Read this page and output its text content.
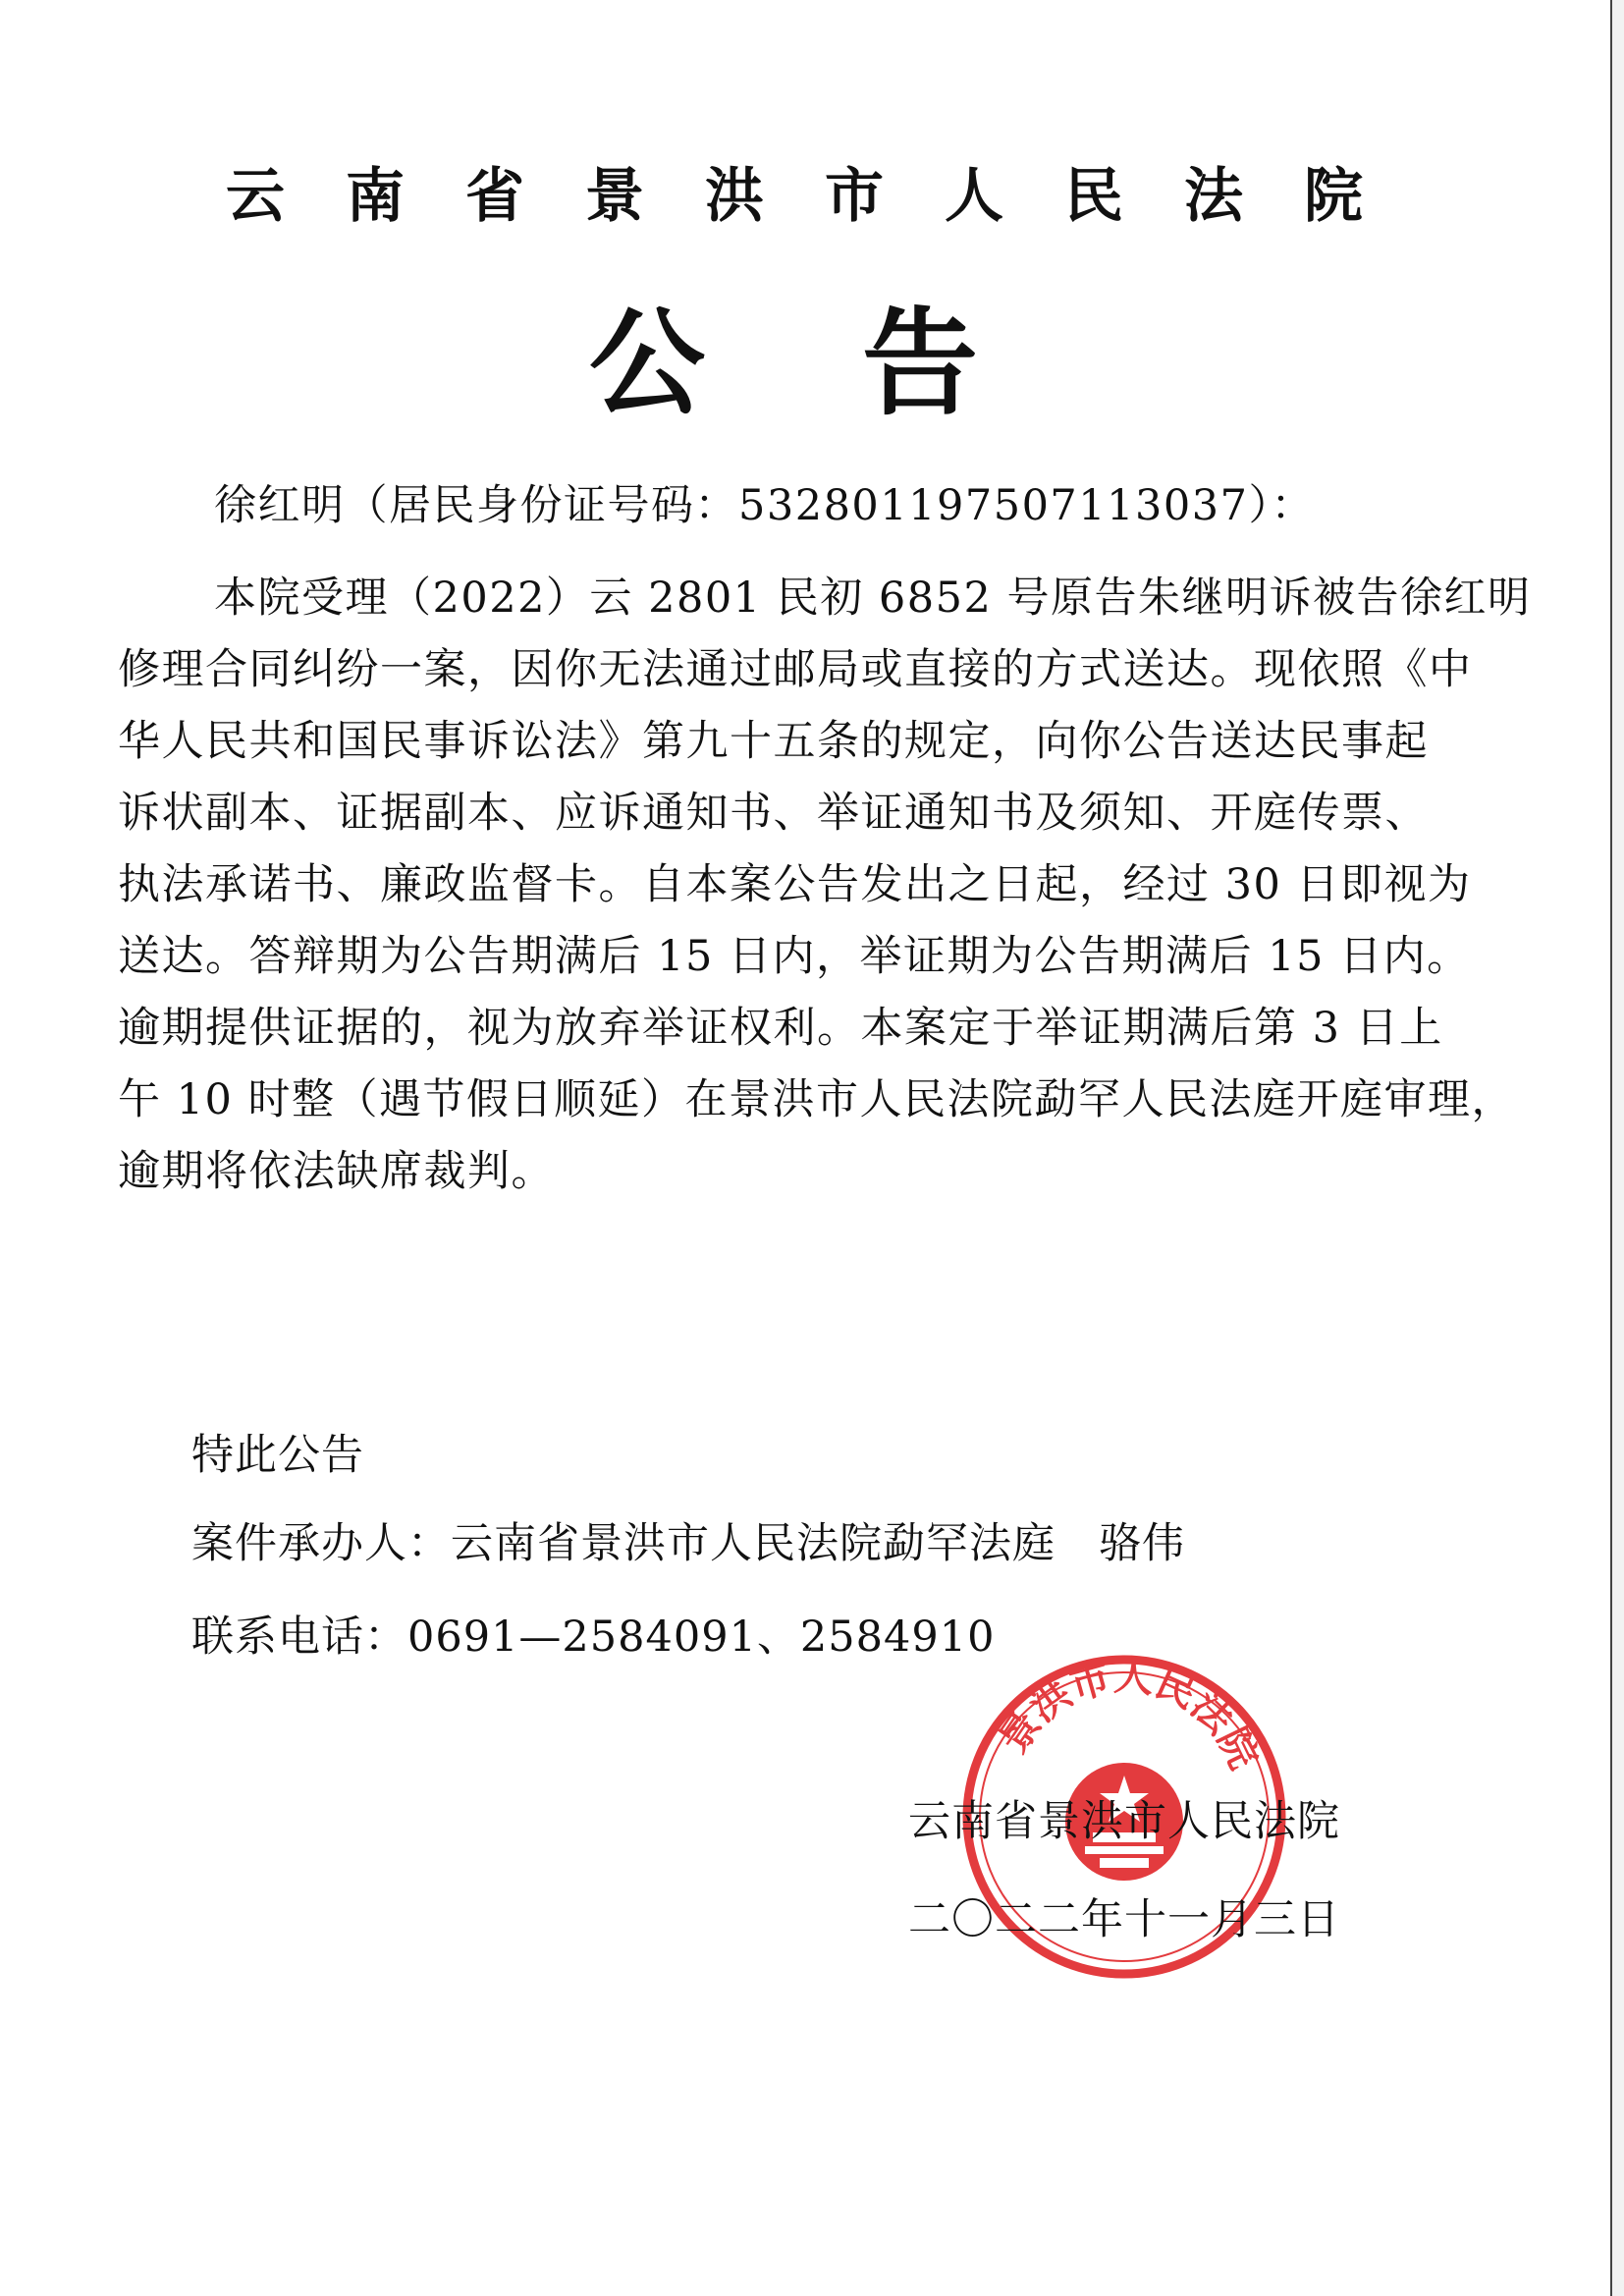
云南省景洪市人民法院
公告
徐红明（居民身份证号码：532801197507113037）：
本院受理（2022）云 2801 民初 6852 号原告朱继明诉被告徐红明
修理合同纠纷一案，因你无法通过邮局或直接的方式送达。现依照《中
华人民共和国民事诉讼法》第九十五条的规定，向你公告送达民事起
诉状副本、证据副本、应诉通知书、举证通知书及须知、开庭传票、
执法承诺书、廉政监督卡。自本案公告发出之日起，经过 30 日即视为
送达。答辩期为公告期满后 15 日内，举证期为公告期满后 15 日内。
逾期提供证据的，视为放弃举证权利。本案定于举证期满后第 3 日上
午 10 时整（遇节假日顺延）在景洪市人民法院勐罕人民法庭开庭审理，
逾期将依法缺席裁判。
特此公告
案件承办人：云南省景洪市人民法院勐罕法庭　骆伟
联系电话：0691—2584091、2584910
景洪市人民法院
云南省景洪市人民法院
二〇二二年十一月三日
